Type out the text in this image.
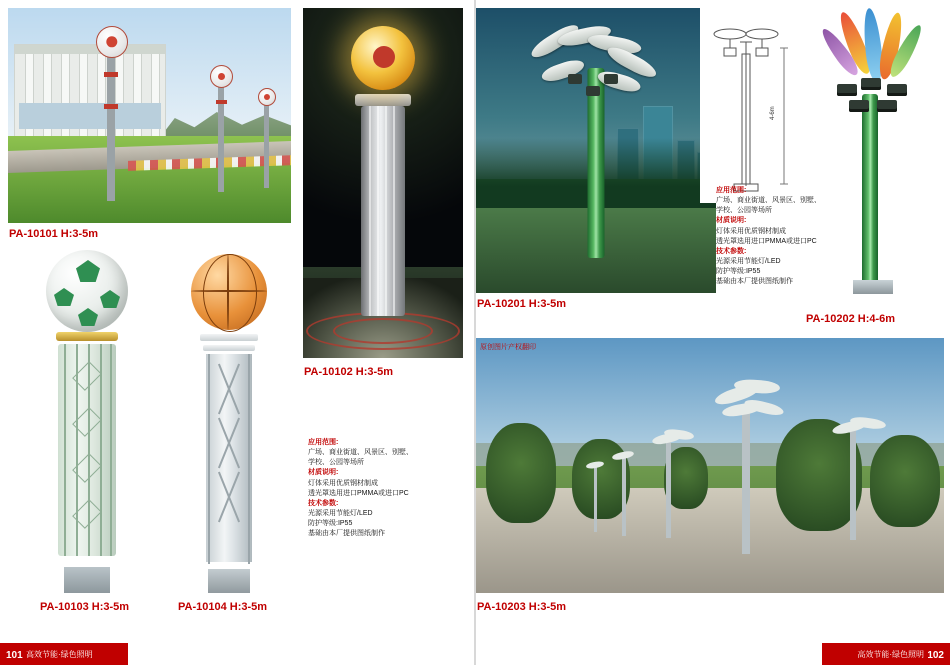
PA-10101 H:3-5m
PA-10102 H:3-5m
PA-10201 H:3-5m
4-6m
PA-10202 H:4-6m
应用范围:
广场、商业街道、风景区、别墅、
学校、公园等场所
材质说明:
灯体采用优质钢材制成
透光罩选用进口PMMA或进口PC
技术参数:
光源采用节能灯/LED
防护等级:IP55
基础由本厂提供图纸制作
PA-10103 H:3-5m	PA-10104 H:3-5m
应用范围:
广场、商业街道、风景区、别墅、
学校、公园等场所
材质说明:
灯体采用优质钢材制成
透光罩选用进口PMMA或进口PC
技术参数:
光源采用节能灯/LED
防护等级:IP55
基础由本厂提供图纸制作
原创图片产权翻印
PA-10203 H:3-5m
101 高效节能·绿色照明	高效节能·绿色照明 102
